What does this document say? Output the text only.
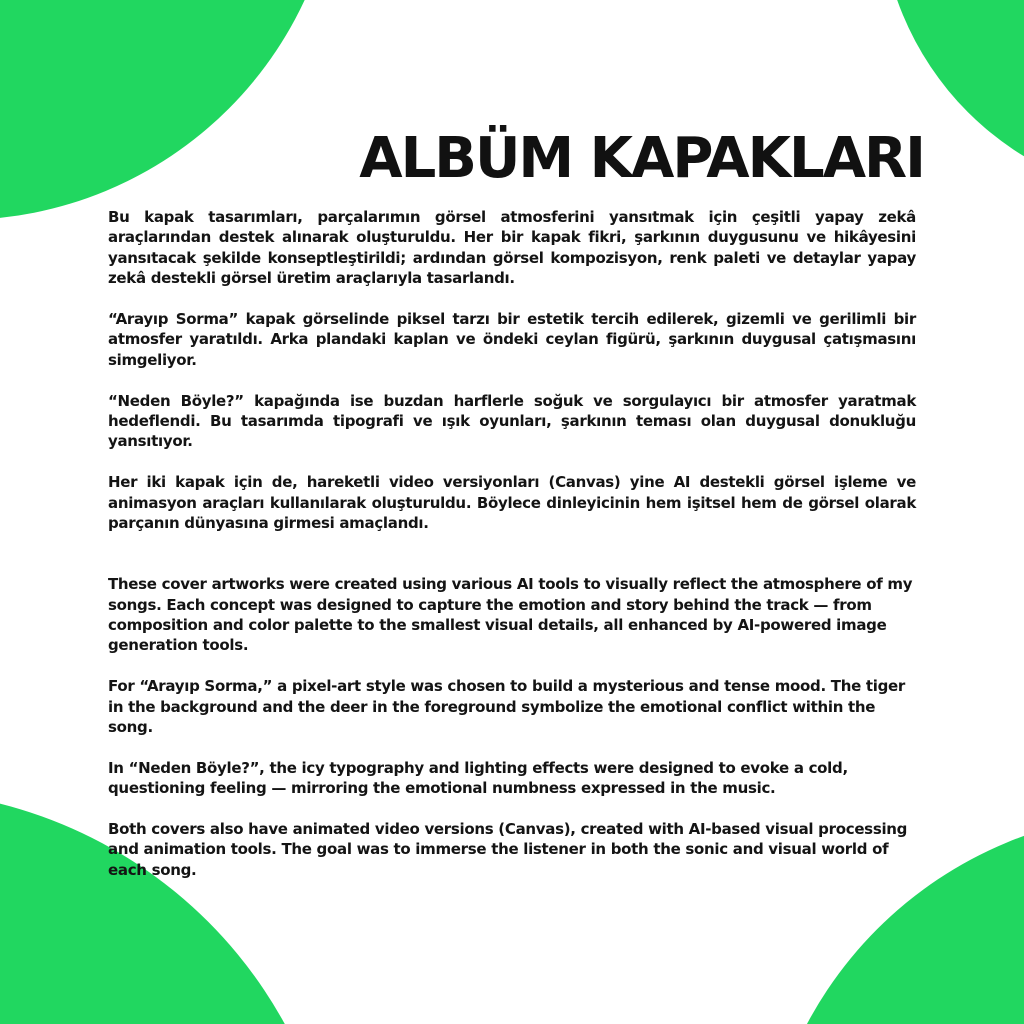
ALBÜM KAPAKLARI

Bu kapak tasarımları, parçalarımın görsel atmosferini yansıtmak için çeşitli yapay zekâ araçlarından destek alınarak oluşturuldu. Her bir kapak fikri, şarkının duygusunu ve hikâyesini yansıtacak şekilde konseptleştirildi; ardından görsel kompozisyon, renk paleti ve detaylar yapay zekâ destekli görsel üretim araçlarıyla tasarlandı.

“Arayıp Sorma” kapak görselinde piksel tarzı bir estetik tercih edilerek, gizemli ve gerilimli bir atmosfer yaratıldı. Arka plandaki kaplan ve öndeki ceylan figürü, şarkının duygusal çatışmasını simgeliyor.

“Neden Böyle?” kapağında ise buzdan harflerle soğuk ve sorgulayıcı bir atmosfer yaratmak hedeflendi. Bu tasarımda tipografi ve ışık oyunları, şarkının teması olan duygusal donukluğu yansıtıyor.

Her iki kapak için de, hareketli video versiyonları (Canvas) yine AI destekli görsel işleme ve animasyon araçları kullanılarak oluşturuldu. Böylece dinleyicinin hem işitsel hem de görsel olarak parçanın dünyasına girmesi amaçlandı.

These cover artworks were created using various AI tools to visually reflect the atmosphere of my songs. Each concept was designed to capture the emotion and story behind the track — from composition and color palette to the smallest visual details, all enhanced by AI-powered image generation tools.

For “Arayıp Sorma,” a pixel-art style was chosen to build a mysterious and tense mood. The tiger in the background and the deer in the foreground symbolize the emotional conflict within the song.

In “Neden Böyle?”, the icy typography and lighting effects were designed to evoke a cold, questioning feeling — mirroring the emotional numbness expressed in the music.

Both covers also have animated video versions (Canvas), created with AI-based visual processing and animation tools. The goal was to immerse the listener in both the sonic and visual world of each song.
